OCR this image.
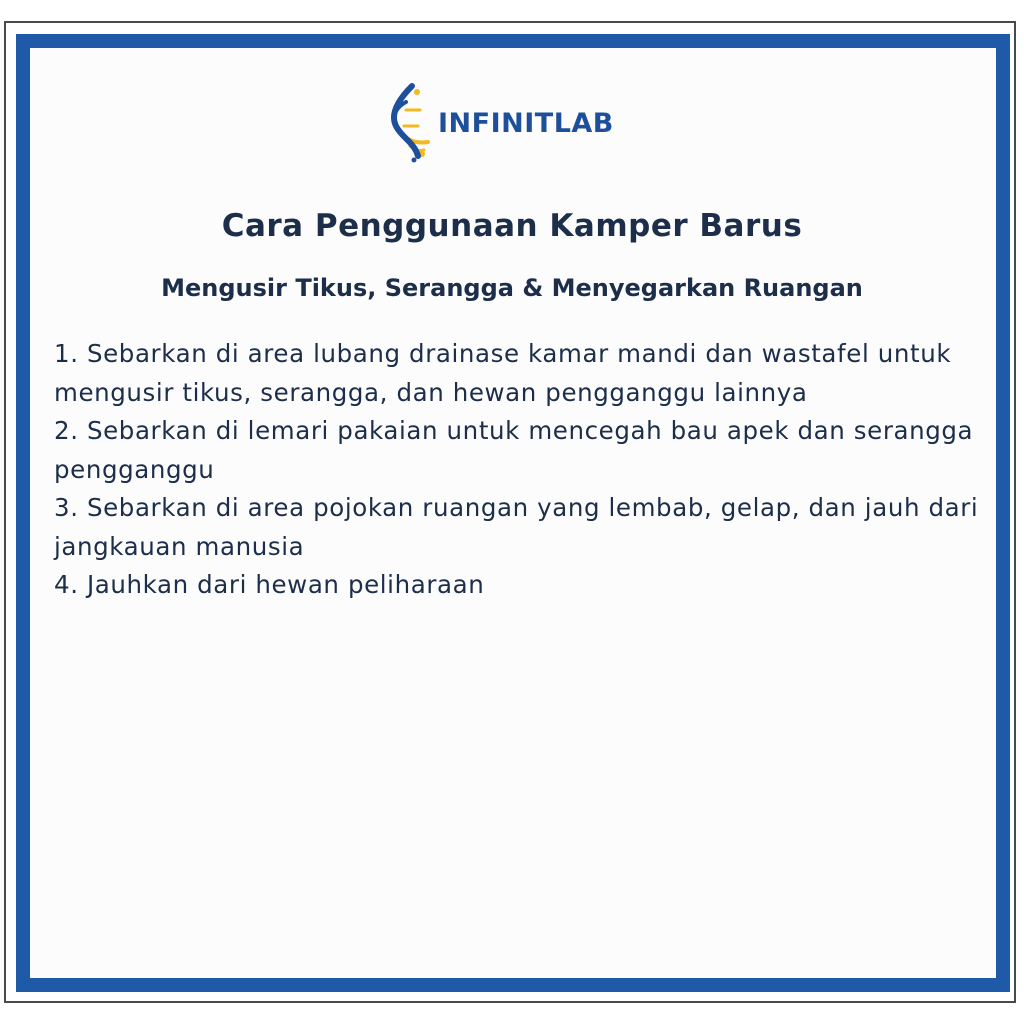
INFINITLAB
Cara Penggunaan Kamper Barus
Mengusir Tikus, Serangga & Menyegarkan Ruangan
1. Sebarkan di area lubang drainase kamar mandi dan wastafel untuk mengusir tikus, serangga, dan hewan pengganggu lainnya
2. Sebarkan di lemari pakaian untuk mencegah bau apek dan serangga pengganggu
3. Sebarkan di area pojokan ruangan yang lembab, gelap, dan jauh dari jangkauan manusia
4. Jauhkan dari hewan peliharaan
